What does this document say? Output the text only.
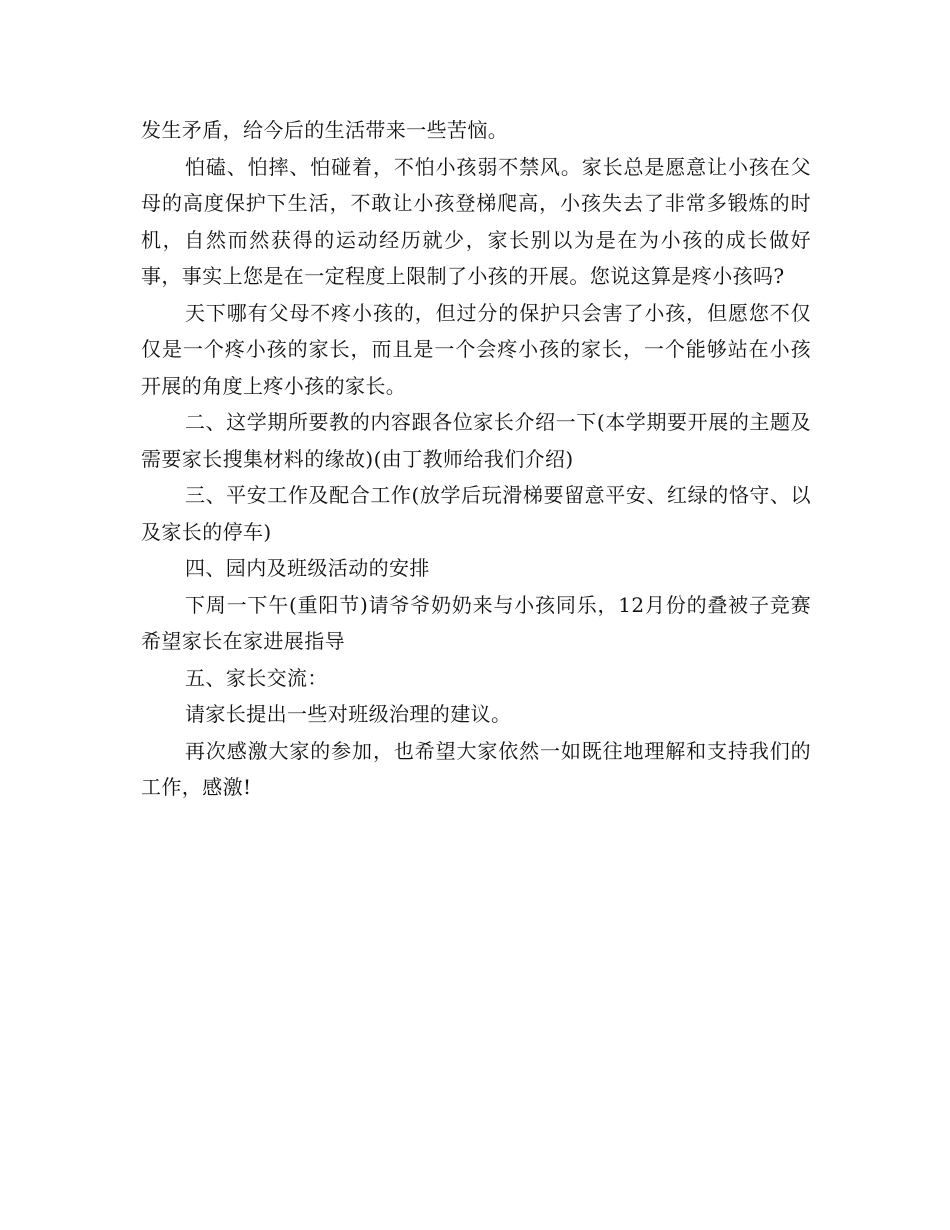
发生矛盾，给今后的生活带来一些苦恼。

怕磕、怕摔、怕碰着，不怕小孩弱不禁风。家长总是愿意让小孩在父母的高度保护下生活，不敢让小孩登梯爬高，小孩失去了非常多锻炼的时机，自然而然获得的运动经历就少，家长别以为是在为小孩的成长做好事，事实上您是在一定程度上限制了小孩的开展。您说这算是疼小孩吗?

天下哪有父母不疼小孩的，但过分的保护只会害了小孩，但愿您不仅仅是一个疼小孩的家长，而且是一个会疼小孩的家长，一个能够站在小孩开展的角度上疼小孩的家长。

二、这学期所要教的内容跟各位家长介绍一下(本学期要开展的主题及需要家长搜集材料的缘故)(由丁教师给我们介绍)

三、平安工作及配合工作(放学后玩滑梯要留意平安、红绿的恪守、以及家长的停车)

四、园内及班级活动的安排

下周一下午(重阳节)请爷爷奶奶来与小孩同乐，12月份的叠被子竞赛希望家长在家进展指导

五、家长交流：

请家长提出一些对班级治理的建议。

再次感激大家的参加，也希望大家依然一如既往地理解和支持我们的工作，感激!
